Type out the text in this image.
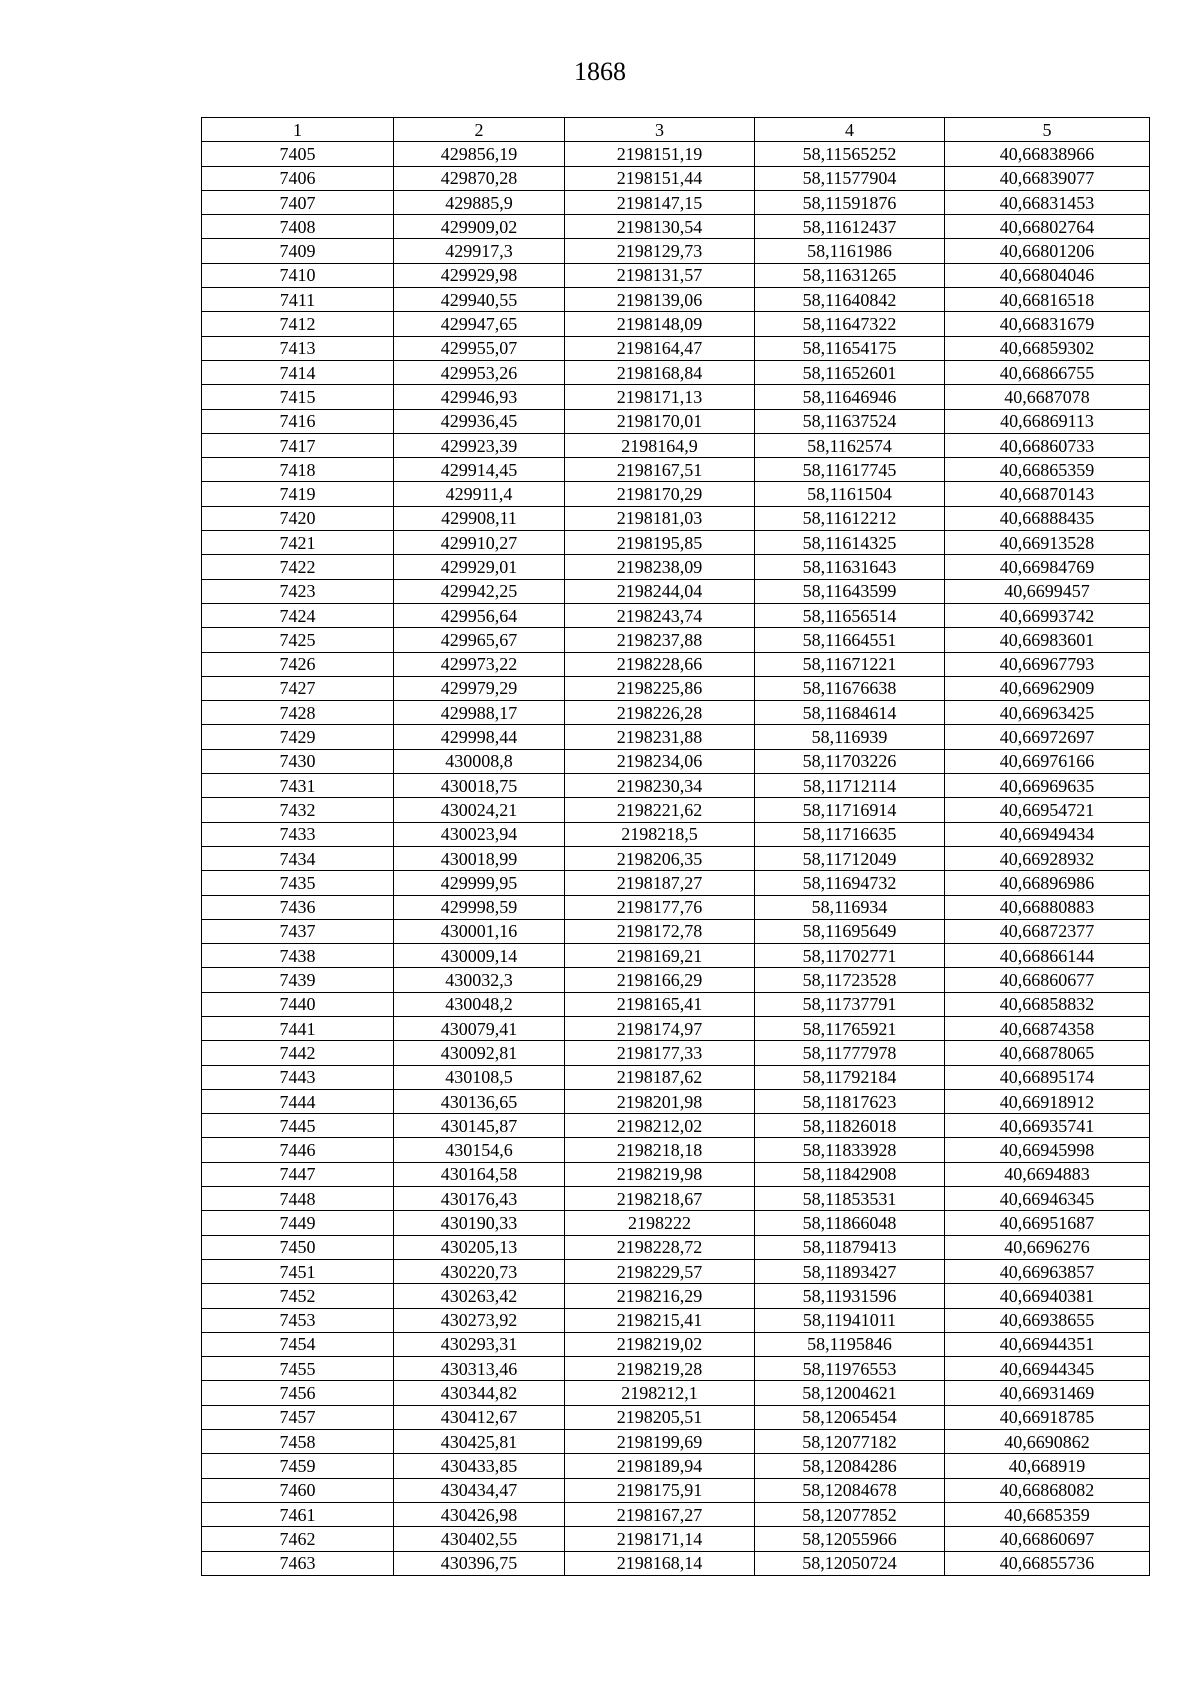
1868
1	2	3	4	5
7405	429856,19	2198151,19	58,11565252	40,66838966
7406	429870,28	2198151,44	58,11577904	40,66839077
7407	429885,9	2198147,15	58,11591876	40,66831453
7408	429909,02	2198130,54	58,11612437	40,66802764
7409	429917,3	2198129,73	58,1161986	40,66801206
7410	429929,98	2198131,57	58,11631265	40,66804046
7411	429940,55	2198139,06	58,11640842	40,66816518
7412	429947,65	2198148,09	58,11647322	40,66831679
7413	429955,07	2198164,47	58,11654175	40,66859302
7414	429953,26	2198168,84	58,11652601	40,66866755
7415	429946,93	2198171,13	58,11646946	40,6687078
7416	429936,45	2198170,01	58,11637524	40,66869113
7417	429923,39	2198164,9	58,1162574	40,66860733
7418	429914,45	2198167,51	58,11617745	40,66865359
7419	429911,4	2198170,29	58,1161504	40,66870143
7420	429908,11	2198181,03	58,11612212	40,66888435
7421	429910,27	2198195,85	58,11614325	40,66913528
7422	429929,01	2198238,09	58,11631643	40,66984769
7423	429942,25	2198244,04	58,11643599	40,6699457
7424	429956,64	2198243,74	58,11656514	40,66993742
7425	429965,67	2198237,88	58,11664551	40,66983601
7426	429973,22	2198228,66	58,11671221	40,66967793
7427	429979,29	2198225,86	58,11676638	40,66962909
7428	429988,17	2198226,28	58,11684614	40,66963425
7429	429998,44	2198231,88	58,116939	40,66972697
7430	430008,8	2198234,06	58,11703226	40,66976166
7431	430018,75	2198230,34	58,11712114	40,66969635
7432	430024,21	2198221,62	58,11716914	40,66954721
7433	430023,94	2198218,5	58,11716635	40,66949434
7434	430018,99	2198206,35	58,11712049	40,66928932
7435	429999,95	2198187,27	58,11694732	40,66896986
7436	429998,59	2198177,76	58,116934	40,66880883
7437	430001,16	2198172,78	58,11695649	40,66872377
7438	430009,14	2198169,21	58,11702771	40,66866144
7439	430032,3	2198166,29	58,11723528	40,66860677
7440	430048,2	2198165,41	58,11737791	40,66858832
7441	430079,41	2198174,97	58,11765921	40,66874358
7442	430092,81	2198177,33	58,11777978	40,66878065
7443	430108,5	2198187,62	58,11792184	40,66895174
7444	430136,65	2198201,98	58,11817623	40,66918912
7445	430145,87	2198212,02	58,11826018	40,66935741
7446	430154,6	2198218,18	58,11833928	40,66945998
7447	430164,58	2198219,98	58,11842908	40,6694883
7448	430176,43	2198218,67	58,11853531	40,66946345
7449	430190,33	2198222	58,11866048	40,66951687
7450	430205,13	2198228,72	58,11879413	40,6696276
7451	430220,73	2198229,57	58,11893427	40,66963857
7452	430263,42	2198216,29	58,11931596	40,66940381
7453	430273,92	2198215,41	58,11941011	40,66938655
7454	430293,31	2198219,02	58,1195846	40,66944351
7455	430313,46	2198219,28	58,11976553	40,66944345
7456	430344,82	2198212,1	58,12004621	40,66931469
7457	430412,67	2198205,51	58,12065454	40,66918785
7458	430425,81	2198199,69	58,12077182	40,6690862
7459	430433,85	2198189,94	58,12084286	40,668919
7460	430434,47	2198175,91	58,12084678	40,66868082
7461	430426,98	2198167,27	58,12077852	40,6685359
7462	430402,55	2198171,14	58,12055966	40,66860697
7463	430396,75	2198168,14	58,12050724	40,66855736
